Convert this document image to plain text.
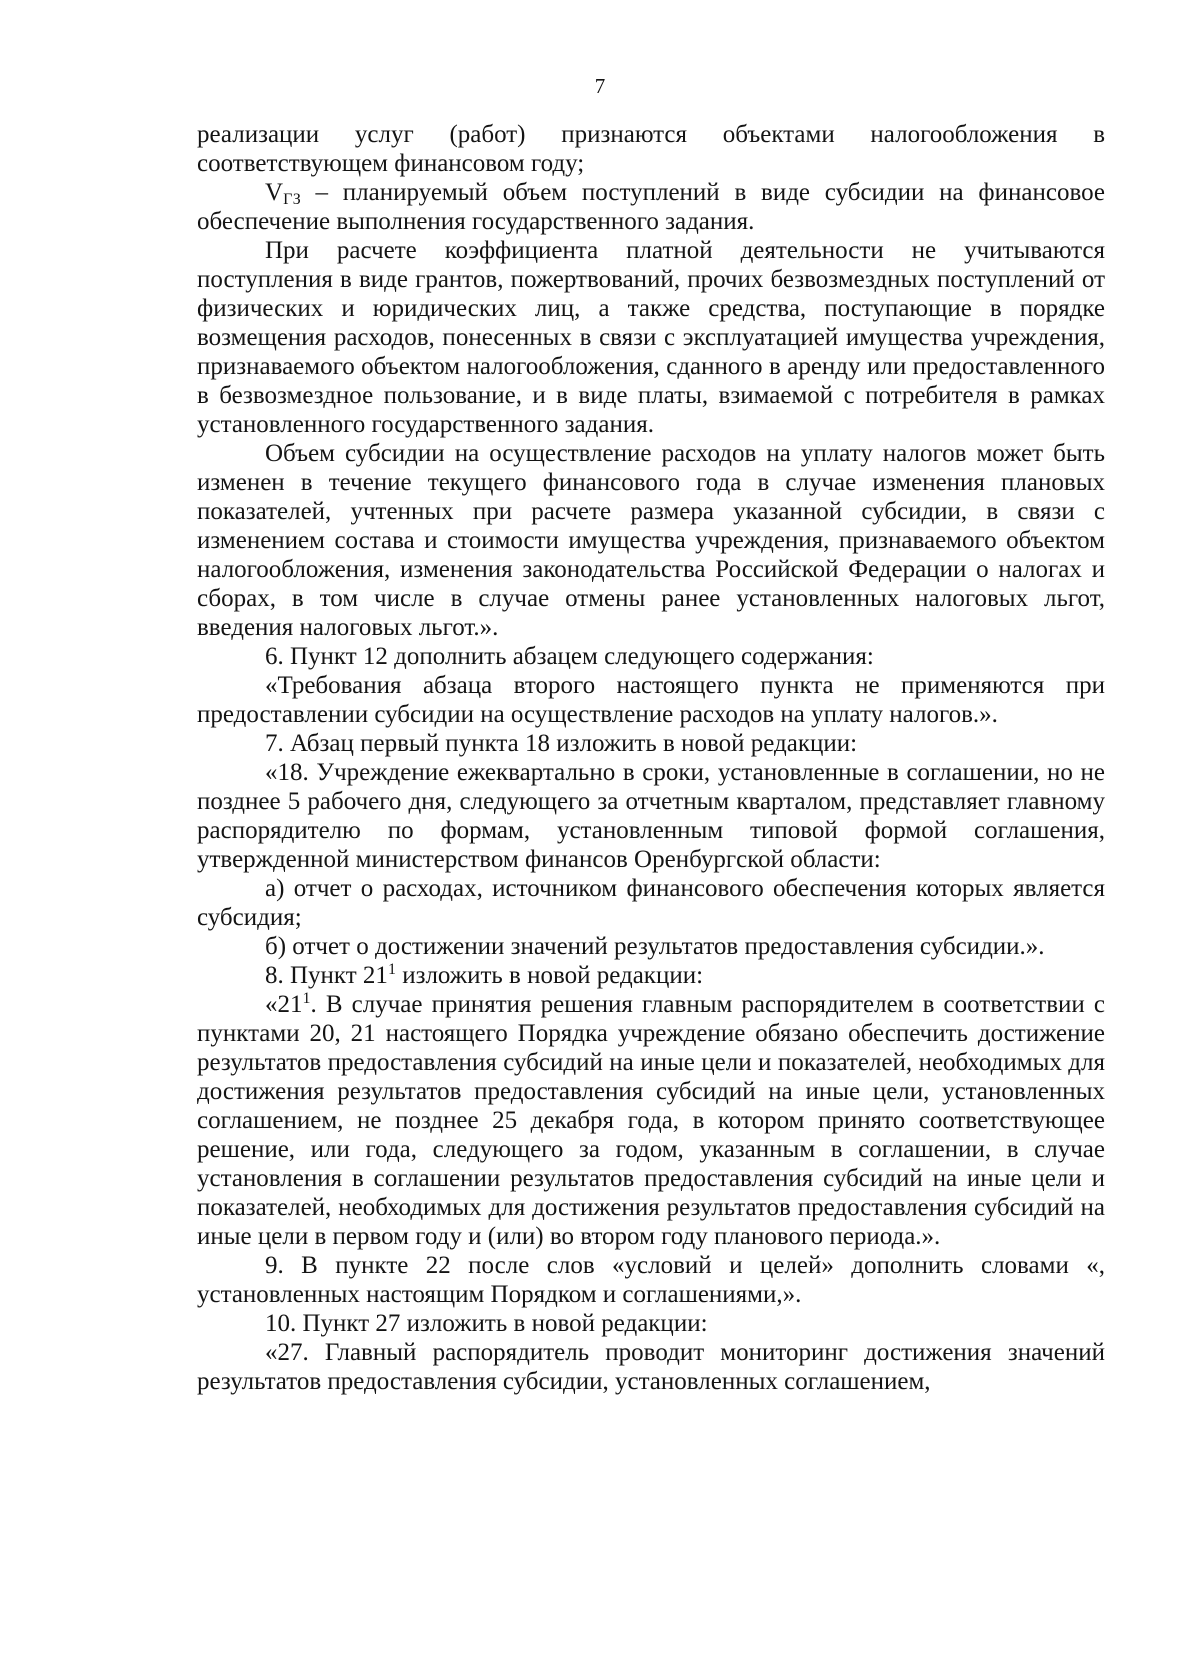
7

реализации услуг (работ) признаются объектами налогообложения в соответствующем финансовом году;

$V_{ГЗ}$ – планируемый объем поступлений в виде субсидии на финансовое обеспечение выполнения государственного задания.

При расчете коэффициента платной деятельности не учитываются поступления в виде грантов, пожертвований, прочих безвозмездных поступлений от физических и юридических лиц, а также средства, поступающие в порядке возмещения расходов, понесенных в связи с эксплуатацией имущества учреждения, признаваемого объектом налогообложения, сданного в аренду или предоставленного в безвозмездное пользование, и в виде платы, взимаемой с потребителя в рамках установленного государственного задания.

Объем субсидии на осуществление расходов на уплату налогов может быть изменен в течение текущего финансового года в случае изменения плановых показателей, учтенных при расчете размера указанной субсидии, в связи с изменением состава и стоимости имущества учреждения, признаваемого объектом налогообложения, изменения законодательства Российской Федерации о налогах и сборах, в том числе в случае отмены ранее установленных налоговых льгот, введения налоговых льгот.».

6. Пункт 12 дополнить абзацем следующего содержания:

«Требования абзаца второго настоящего пункта не применяются при предоставлении субсидии на осуществление расходов на уплату налогов.».

7. Абзац первый пункта 18 изложить в новой редакции:

«18. Учреждение ежеквартально в сроки, установленные в соглашении, но не позднее 5 рабочего дня, следующего за отчетным кварталом, представляет главному распорядителю по формам, установленным типовой формой соглашения, утвержденной министерством финансов Оренбургской области:

а) отчет о расходах, источником финансового обеспечения которых является субсидия;

б) отчет о достижении значений результатов предоставления субсидии.».

8. Пункт $21^1$ изложить в новой редакции:

«$21^1$. В случае принятия решения главным распорядителем в соответствии с пунктами 20, 21 настоящего Порядка учреждение обязано обеспечить достижение результатов предоставления субсидий на иные цели и показателей, необходимых для достижения результатов предоставления субсидий на иные цели, установленных соглашением, не позднее 25 декабря года, в котором принято соответствующее решение, или года, следующего за годом, указанным в соглашении, в случае установления в соглашении результатов предоставления субсидий на иные цели и показателей, необходимых для достижения результатов предоставления субсидий на иные цели в первом году и (или) во втором году планового периода.».

9. В пункте 22 после слов «условий и целей» дополнить словами «, установленных настоящим Порядком и соглашениями,».

10. Пункт 27 изложить в новой редакции:

«27. Главный распорядитель проводит мониторинг достижения значений результатов предоставления субсидии, установленных соглашением,
